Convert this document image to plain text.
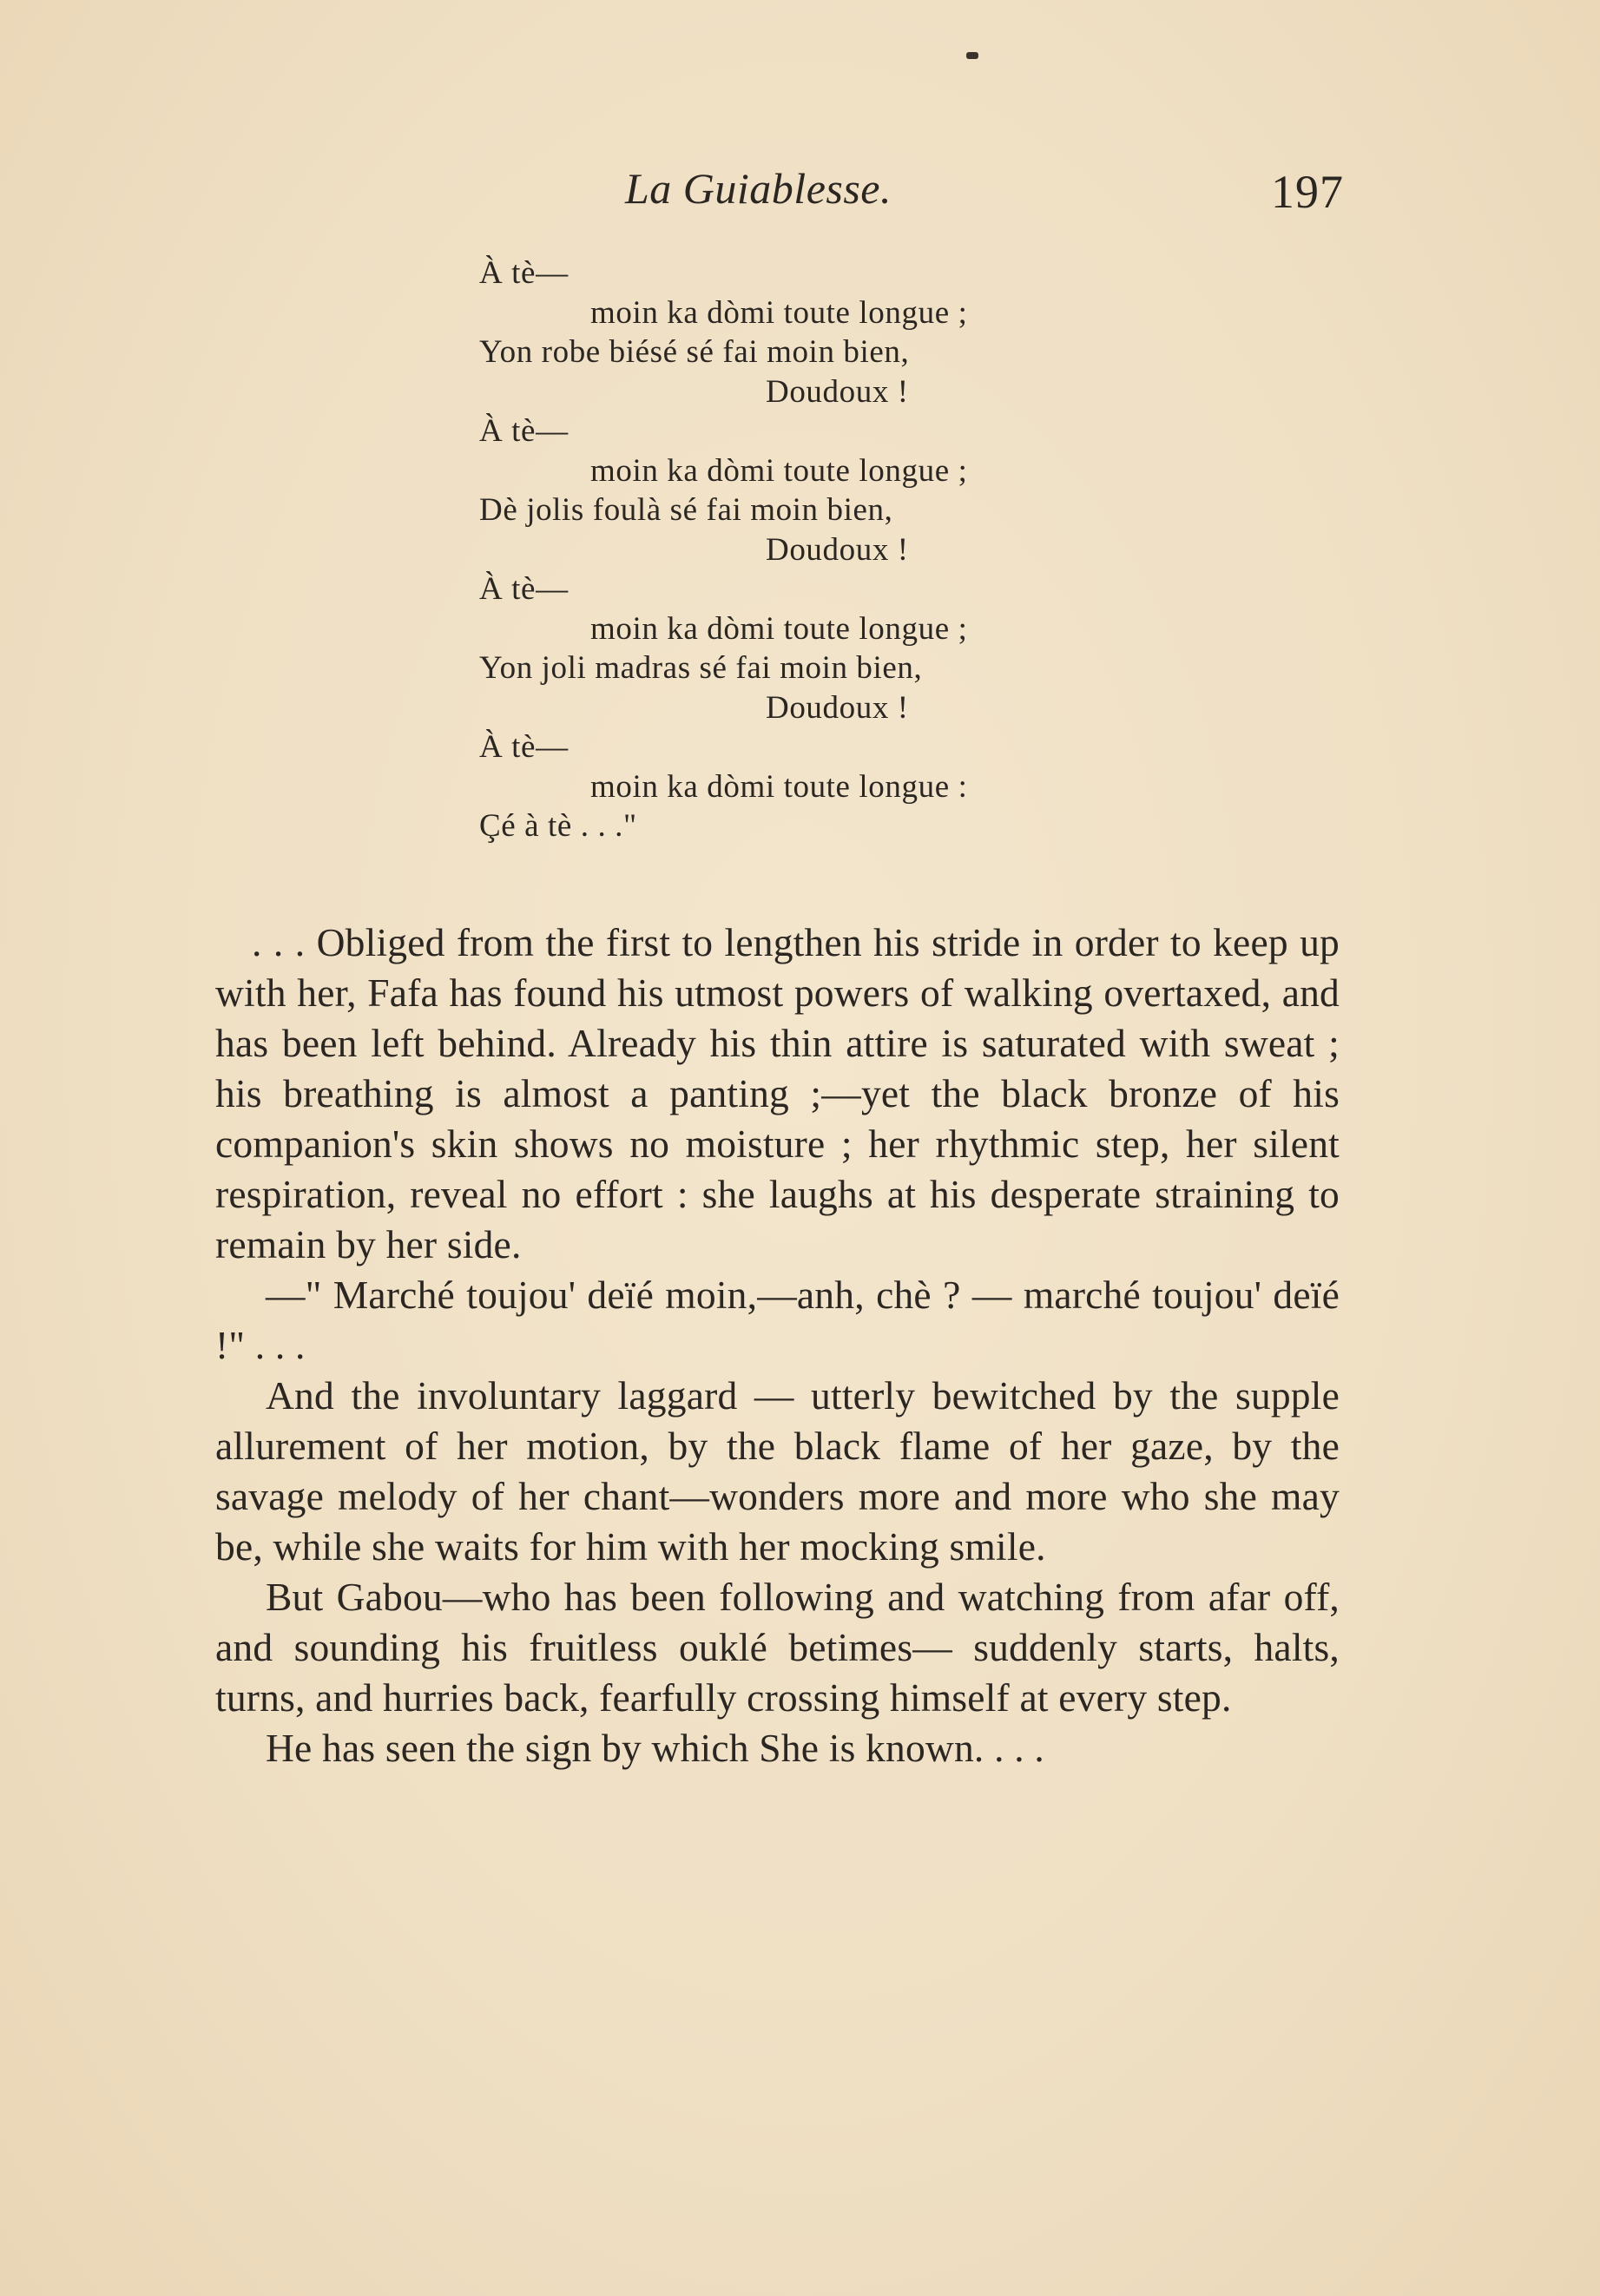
La Guiablesse.	197
À tè—
moin ka dòmi toute longue ;
Yon robe biésé sé fai moin bien,
Doudoux !
À tè—
moin ka dòmi toute longue ;
Dè jolis foulà sé fai moin bien,
Doudoux !
À tè—
moin ka dòmi toute longue ;
Yon joli madras sé fai moin bien,
Doudoux !
À tè—
moin ka dòmi toute longue :
Çé à tè . . ."

. . . Obliged from the first to lengthen his stride in order to keep up with her, Fafa has found his utmost powers of walking overtaxed, and has been left behind. Already his thin attire is saturated with sweat ; his breathing is almost a panting ;—yet the black bronze of his companion's skin shows no moisture ; her rhythmic step, her silent respiration, reveal no effort : she laughs at his desperate straining to remain by her side.

—" Marché toujou' deïé moin,—anh, chè ? — marché toujou' deïé !" . . .

And the involuntary laggard — utterly bewitched by the supple allurement of her motion, by the black flame of her gaze, by the savage melody of her chant—wonders more and more who she may be, while she waits for him with her mocking smile.

But Gabou—who has been following and watching from afar off, and sounding his fruitless ouklé betimes— suddenly starts, halts, turns, and hurries back, fearfully crossing himself at every step.

He has seen the sign by which She is known. . . .
